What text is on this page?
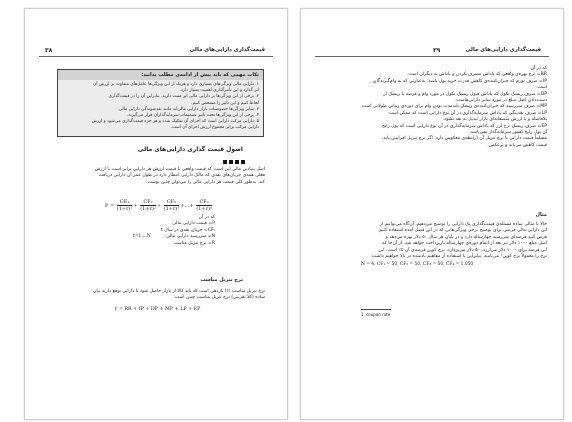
قیمت‌گذاری دارایی‌های مالی
۳۸
نکات مهمی که باید پیش از ادامه‌ی مطلب بدانید:
۱. دارایی مالی ویژگی‌های بسیاری دارد و هریک از این ویژگی‌ها عامل‌های متفاوت بر ارزش آن
اثر گذارد و این تأثیرگذاری اهمیت بسیار دارد.
۲. برخی از این ویژگی‌ها بر دارایی مالی اثر مثبت دارند. بنابراین آن را در قیمت‌گذاری
لحاظ کنیم و این تأثیر را مشخص کنیم.
۳. سایر ویژگی‌ها خصوصیات بازار دارایی مالی‌اند مانند نقدشوندگی دارایی مالی.
۴. برخی از این ویژگی‌ها تحت تأثیر تصمیمات سرمایه‌گذاران قرار می‌گیرند.
۵. دارایی مرکب دارایی است که اجزای آن تفکیک شده و هر جزء قیمت‌گذاری می‌شود و ارزش
دارایی مرکب برابر مجموع ارزش اجزای آن است.
اصول قیمت گذاری دارایی‌های مالی
اصل بنیادین مالی این است که قیمت واقعی یا قیمت ارزش هر دارایی برابر است با ارزش
فعلی همه‌ی جریان‌های نقدی که مالک دارایی انتظار دارد در طول عمر آن دارایی دریافت
کند. به‌طور کلی قیمت هر دارایی مالی را می‌توان چنین نوشت:
$P = \frac{\text{CF₁}}{\text{(1+r)¹}} + \frac{\text{CF₂}}{\text{(1+r)²}} + \frac{\text{CF₃}}{\text{(1+r)³}}$ +…+ $\frac{\text{CFₙ}}{\text{(1+r)ⁿ}}$
که در آن
P= قیمت دارایی مالی
CFₜ= جریان نقدی در سال t
N= سررسید دارایی مالی
R= نرخ تنزیل مناسب
t=1,...N
نرخ تنزیل مناسب
نرخ تنزیل مناسب (r) بازدهی است که باید کالا از بازار حاصل شود تا دارایی توقع دارند بیان
ساده (کلا تقریبی) نرخ تنزیل مناسب چنین است:
r = RR + IP + DP + MP + LP + EP
قیمت‌گذاری دارایی‌های مالی
۳۹
که در آن
RR= نرخ بهره‌ی واقعی که پاداش مصرف‌نکردن و پاداش به دیگران است.
IP= صرف تورم که جبران‌کننده‌ی کاهش قدرت خرید پول باشد؛ به‌عبارتی که به وام‌گیرندگان
است.
DP= صرف ریسک نکول که پاداش قبول ریسک نکول در مورد وام و قرضه یا ریسک از
دست‌دادن اصل مبلغ در مورد سایر دارایی‌هاست.
MP= صرف سررسید که جبران‌کننده‌ی ریسک بلندمدت بودن وام برای دوره‌ی زمانی طولانی است.
LP= صرف نقدینگی که پاداش سرمایه‌گذاری در آن نوع دارایی است که ممکن است
بلافاصله و با ارزش منصفانه‌ای بازار تبدیل به نقد نشود.
EP= صرف ریسک نرخ ارز که پاداش سرمایه‌گذاری در آن نوع دارایی است که پول رایج
آن پول رایج کشور سرمایه‌گذار نمی‌باشد.
مسلماً قیمت دارایی با نرخ تنزیل آن (رابطه‌ی معکوس دارد: اگر نرخ تنزیل افزایش یابد،
قیمت کاهش می‌یابد و برعکس.
مثال
حالا با مثالی ساده مسئله‌ی قیمت‌گذاری یک دارایی را توضیح می‌دهیم. آن‌گاه می‌توانیم از
این دارایی مالی فرضی برای توضیح برخی ویژگی‌هایی که در این فصل آمده استفاده کنیم.
فرض کنید قرضه‌ای سررسید چهارساله دارد و در پایان هر سال ۵۰ دلار بهره می‌دهد و
اصل مبلغ ۱۰۰۰ دلار نیز بعد از اتمام دوره‌ی چهارساله بازپرداخت خواهد شد. از آن‌جا که
این قرضه برای ۱۰۰۰ دلار می‌ارزد، ۵۰ دلار می‌پردازد، نرخ کوپن قرضه‌ی آن ۵٪ است. این
نرخ را معمولاً نرخ کوپن¹ می‌نامند. بنابراین با استفاده از مفاهیم یادشده در بالا خواهیم داشت:
N = 4, CF₁ = 50, CF₂ = 50, CF₃ = 50, CF₄ = 1,050
1. coupon rate
